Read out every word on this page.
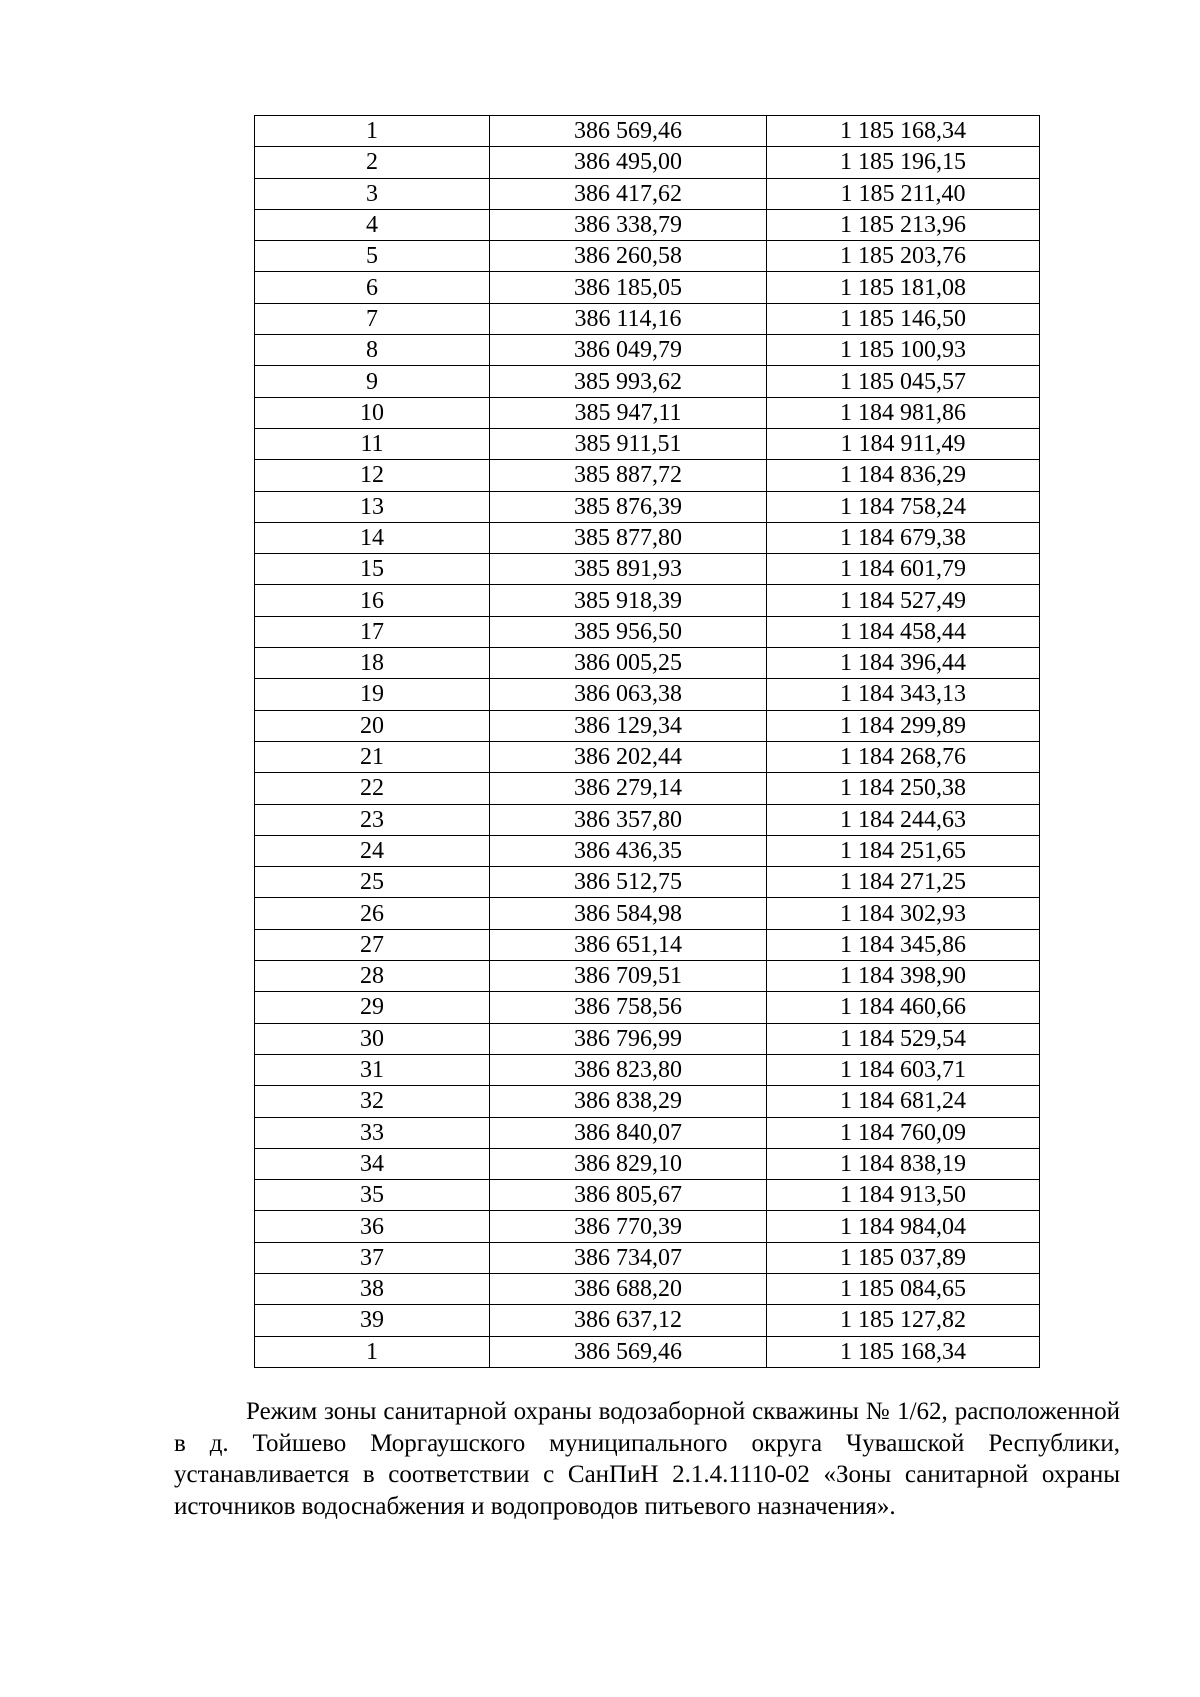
1	386 569,46	1 185 168,34
2	386 495,00	1 185 196,15
3	386 417,62	1 185 211,40
4	386 338,79	1 185 213,96
5	386 260,58	1 185 203,76
6	386 185,05	1 185 181,08
7	386 114,16	1 185 146,50
8	386 049,79	1 185 100,93
9	385 993,62	1 185 045,57
10	385 947,11	1 184 981,86
11	385 911,51	1 184 911,49
12	385 887,72	1 184 836,29
13	385 876,39	1 184 758,24
14	385 877,80	1 184 679,38
15	385 891,93	1 184 601,79
16	385 918,39	1 184 527,49
17	385 956,50	1 184 458,44
18	386 005,25	1 184 396,44
19	386 063,38	1 184 343,13
20	386 129,34	1 184 299,89
21	386 202,44	1 184 268,76
22	386 279,14	1 184 250,38
23	386 357,80	1 184 244,63
24	386 436,35	1 184 251,65
25	386 512,75	1 184 271,25
26	386 584,98	1 184 302,93
27	386 651,14	1 184 345,86
28	386 709,51	1 184 398,90
29	386 758,56	1 184 460,66
30	386 796,99	1 184 529,54
31	386 823,80	1 184 603,71
32	386 838,29	1 184 681,24
33	386 840,07	1 184 760,09
34	386 829,10	1 184 838,19
35	386 805,67	1 184 913,50
36	386 770,39	1 184 984,04
37	386 734,07	1 185 037,89
38	386 688,20	1 185 084,65
39	386 637,12	1 185 127,82
1	386 569,46	1 185 168,34

Режим зоны санитарной охраны водозаборной скважины № 1/62, расположенной в д. Тойшево Моргаушского муниципального округа Чувашской Республики, устанавливается в соответствии с СанПиН 2.1.4.1110-02 «Зоны санитарной охраны источников водоснабжения и водопроводов питьевого назначения».
